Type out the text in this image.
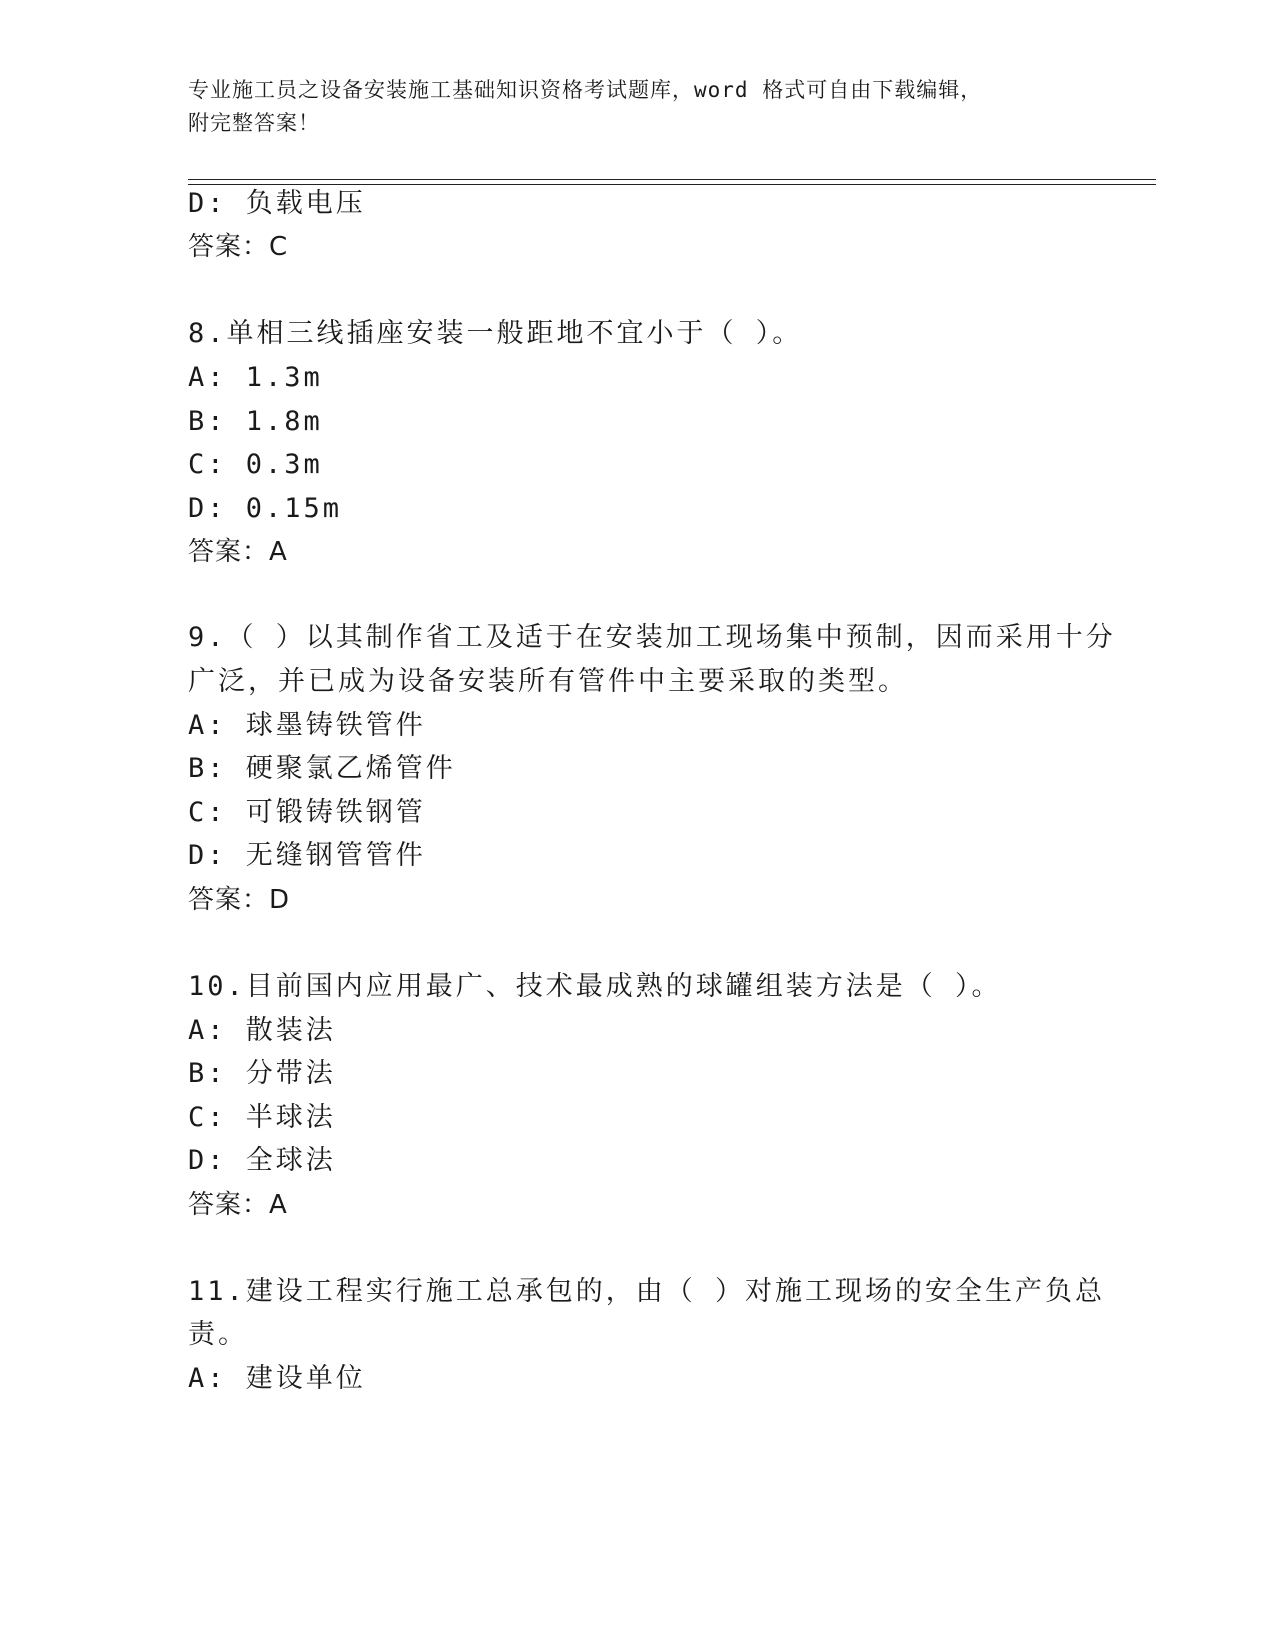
专业施工员之设备安装施工基础知识资格考试题库，word 格式可自由下载编辑，
附完整答案！
D: 负载电压
答案：C
8.单相三线插座安装一般距地不宜小于（ ）。
A: 1.3m
B: 1.8m
C: 0.3m
D: 0.15m
答案：A
9.（ ）以其制作省工及适于在安装加工现场集中预制，因而采用十分
广泛，并已成为设备安装所有管件中主要采取的类型。
A: 球墨铸铁管件
B: 硬聚氯乙烯管件
C: 可锻铸铁钢管
D: 无缝钢管管件
答案：D
10.目前国内应用最广、技术最成熟的球罐组装方法是（ ）。
A: 散装法
B: 分带法
C: 半球法
D: 全球法
答案：A
11.建设工程实行施工总承包的，由（ ）对施工现场的安全生产负总
责。
A: 建设单位
